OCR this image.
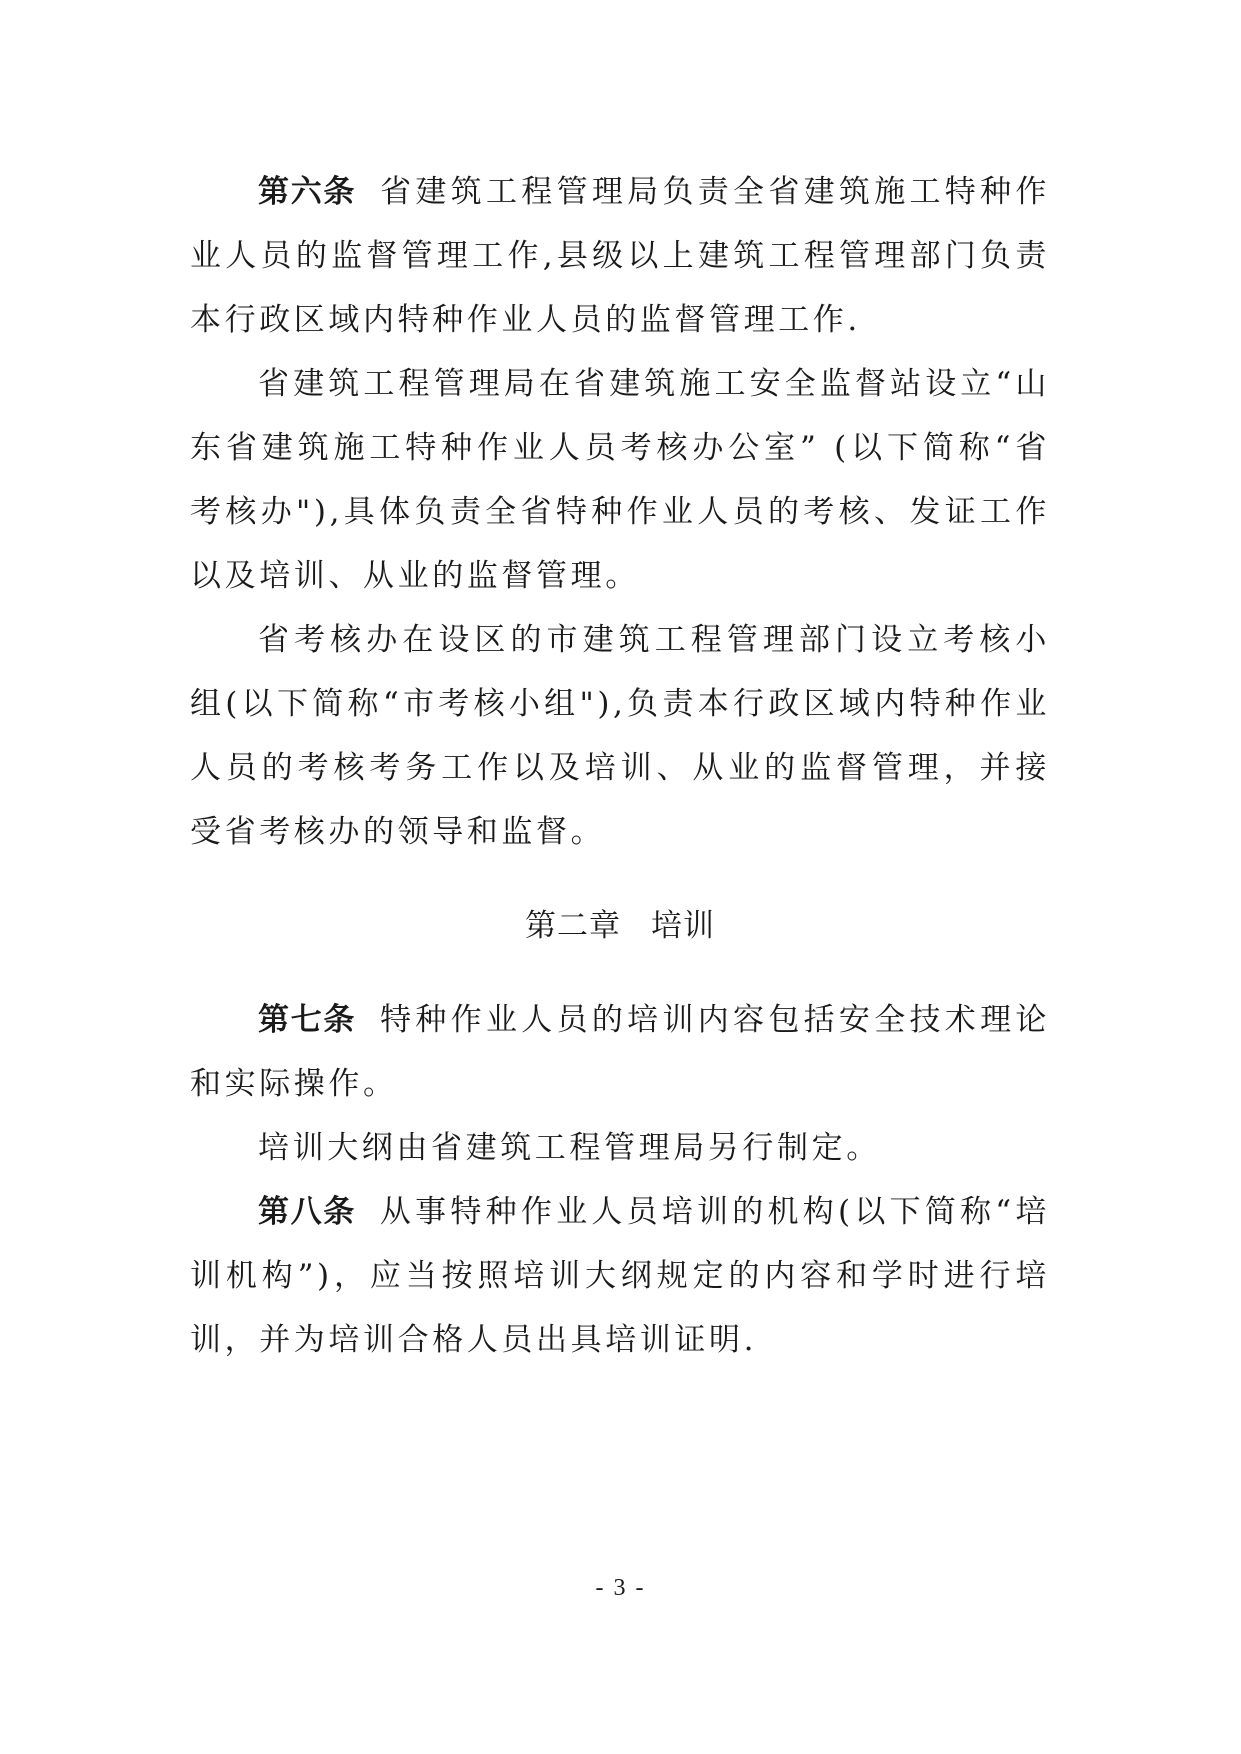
第六条 省建筑工程管理局负责全省建筑施工特种作业人员的监督管理工作,县级以上建筑工程管理部门负责本行政区域内特种作业人员的监督管理工作.

省建筑工程管理局在省建筑施工安全监督站设立“山东省建筑施工特种作业人员考核办公室” (以下简称“省考核办"),具体负责全省特种作业人员的考核、发证工作以及培训、从业的监督管理。

省考核办在设区的市建筑工程管理部门设立考核小组(以下简称“市考核小组"),负责本行政区域内特种作业人员的考核考务工作以及培训、从业的监督管理，并接受省考核办的领导和监督。

第二章 培训

第七条 特种作业人员的培训内容包括安全技术理论和实际操作。

培训大纲由省建筑工程管理局另行制定。

第八条 从事特种作业人员培训的机构(以下简称“培训机构”)，应当按照培训大纲规定的内容和学时进行培训，并为培训合格人员出具培训证明.

- 3 -
